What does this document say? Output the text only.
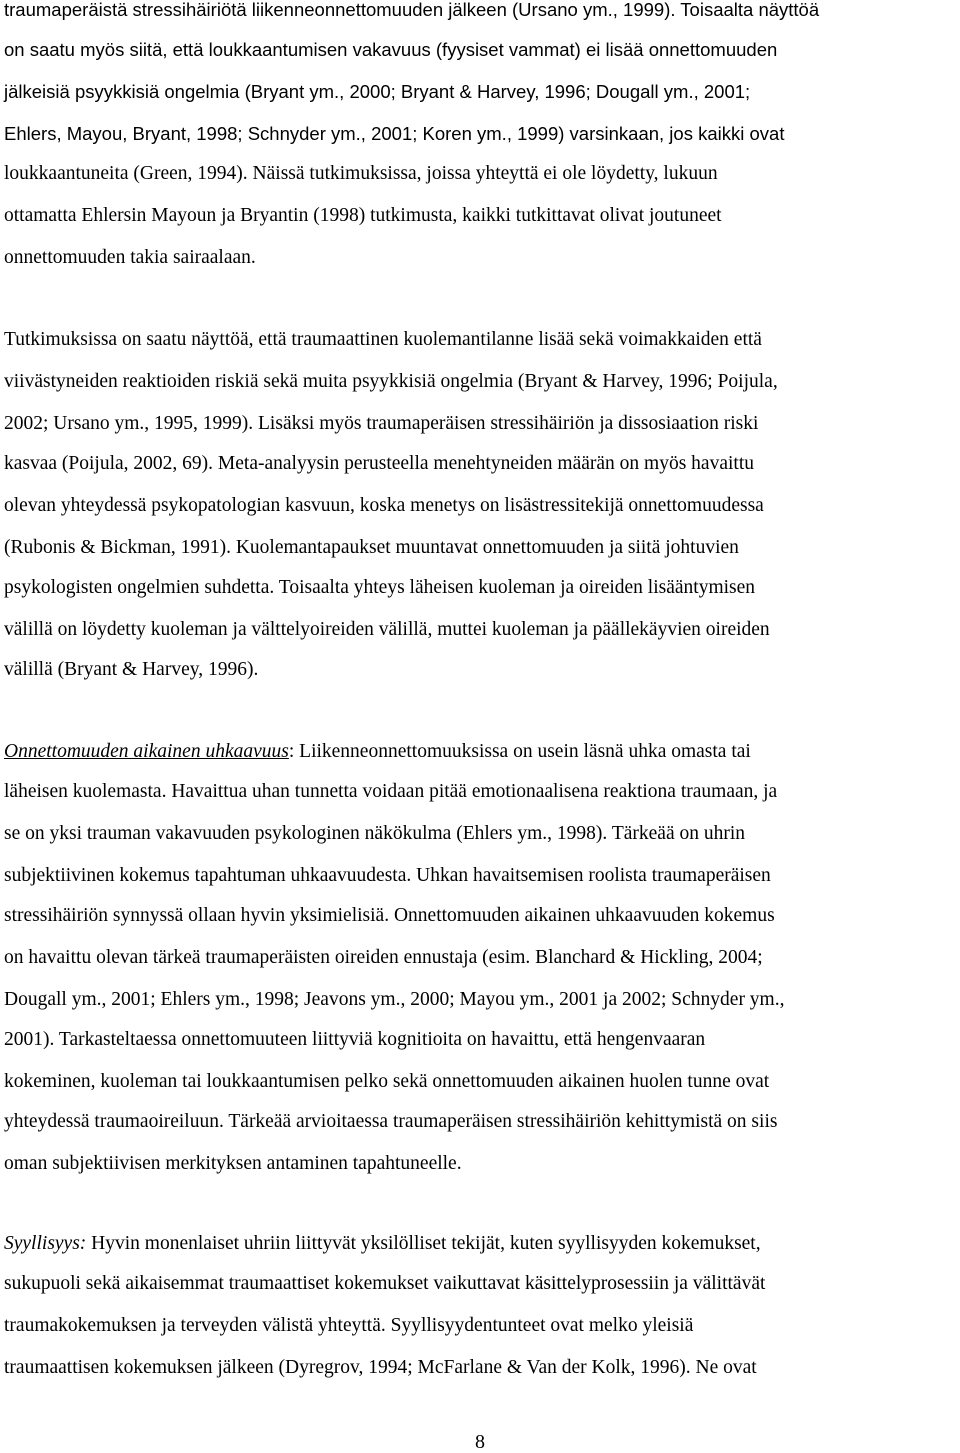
traumaperäistä stressihäiriötä liikenneonnettomuuden jälkeen (Ursano ym., 1999). Toisaalta näyttöä
on saatu myös siitä, että loukkaantumisen vakavuus (fyysiset vammat) ei lisää onnettomuuden
jälkeisiä psyykkisiä ongelmia (Bryant ym., 2000; Bryant & Harvey, 1996; Dougall ym., 2001;
Ehlers, Mayou, Bryant, 1998; Schnyder ym., 2001; Koren ym., 1999) varsinkaan, jos kaikki ovat
loukkaantuneita (Green, 1994). Näissä tutkimuksissa, joissa yhteyttä ei ole löydetty, lukuun
ottamatta Ehlersin Mayoun ja Bryantin (1998) tutkimusta, kaikki tutkittavat olivat joutuneet
onnettomuuden takia sairaalaan.
Tutkimuksissa on saatu näyttöä, että traumaattinen kuolemantilanne lisää sekä voimakkaiden että
viivästyneiden reaktioiden riskiä sekä muita psyykkisiä ongelmia (Bryant & Harvey, 1996; Poijula,
2002; Ursano ym., 1995, 1999). Lisäksi myös traumaperäisen stressihäiriön ja dissosiaation riski
kasvaa (Poijula, 2002, 69). Meta-analyysin perusteella menehtyneiden määrän on myös havaittu
olevan yhteydessä psykopatologian kasvuun, koska menetys on lisästressitekijä onnettomuudessa
(Rubonis & Bickman, 1991). Kuolemantapaukset muuntavat onnettomuuden ja siitä johtuvien
psykologisten ongelmien suhdetta. Toisaalta yhteys läheisen kuoleman ja oireiden lisääntymisen
välillä on löydetty kuoleman ja välttelyoireiden välillä, muttei kuoleman ja päällekäyvien oireiden
välillä (Bryant & Harvey, 1996).
Onnettomuuden aikainen uhkaavuus: Liikenneonnettomuuksissa on usein läsnä uhka omasta tai
läheisen kuolemasta. Havaittua uhan tunnetta voidaan pitää emotionaalisena reaktiona traumaan, ja
se on yksi trauman vakavuuden psykologinen näkökulma (Ehlers ym., 1998). Tärkeää on uhrin
subjektiivinen kokemus tapahtuman uhkaavuudesta. Uhkan havaitsemisen roolista traumaperäisen
stressihäiriön synnyssä ollaan hyvin yksimielisiä. Onnettomuuden aikainen uhkaavuuden kokemus
on havaittu olevan tärkeä traumaperäisten oireiden ennustaja (esim. Blanchard & Hickling, 2004;
Dougall ym., 2001; Ehlers ym., 1998; Jeavons ym., 2000; Mayou ym., 2001 ja 2002; Schnyder ym.,
2001). Tarkasteltaessa onnettomuuteen liittyviä kognitioita on havaittu, että hengenvaaran
kokeminen, kuoleman tai loukkaantumisen pelko sekä onnettomuuden aikainen huolen tunne ovat
yhteydessä traumaoireiluun. Tärkeää arvioitaessa traumaperäisen stressihäiriön kehittymistä on siis
oman subjektiivisen merkityksen antaminen tapahtuneelle.
Syyllisyys: Hyvin monenlaiset uhriin liittyvät yksilölliset tekijät, kuten syyllisyyden kokemukset,
sukupuoli sekä aikaisemmat traumaattiset kokemukset vaikuttavat käsittelyprosessiin ja välittävät
traumakokemuksen ja terveyden välistä yhteyttä. Syyllisyydentunteet ovat melko yleisiä
traumaattisen kokemuksen jälkeen (Dyregrov, 1994; McFarlane & Van der Kolk, 1996). Ne ovat
8
